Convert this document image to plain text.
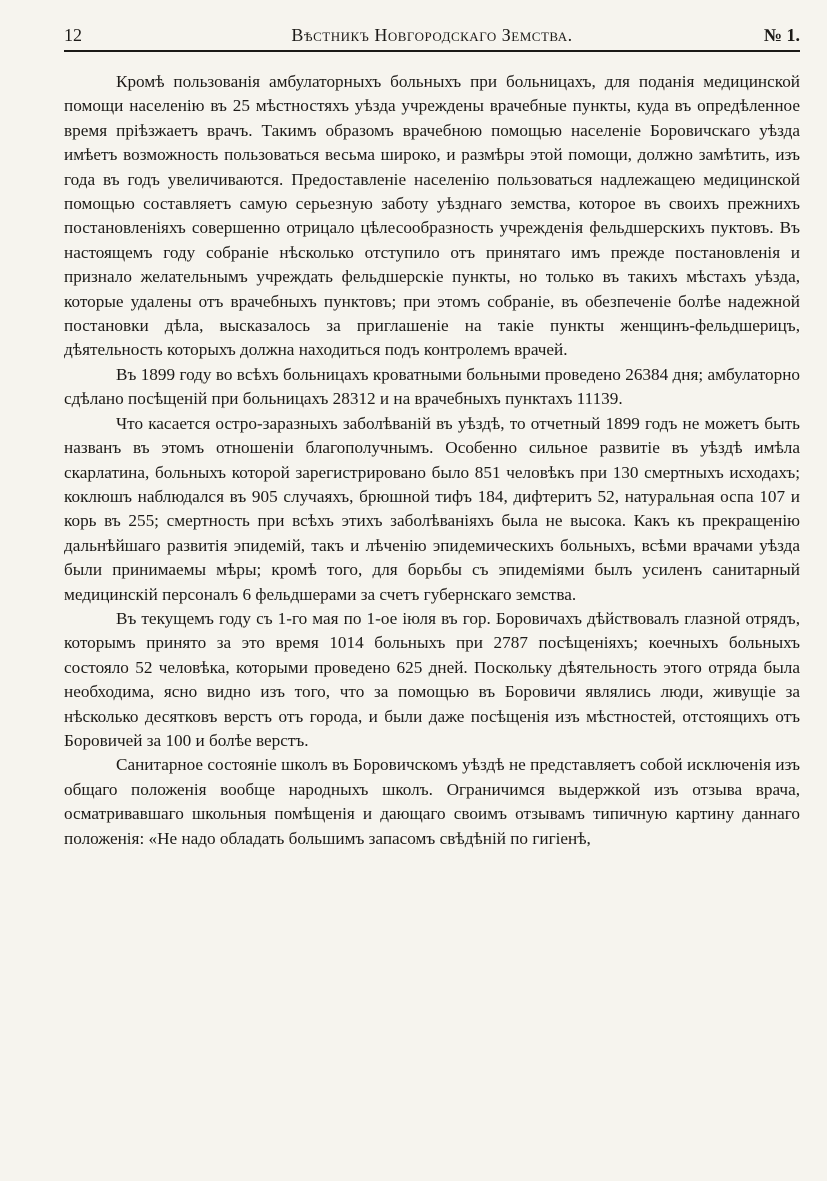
12	Вѣстникъ Новгородскаго Земства.	№ 1.

Кромѣ пользованія амбулаторныхъ больныхъ при больницахъ, для поданія медицинской помощи населенію въ 25 мѣстностяхъ уѣзда учреждены врачебные пункты, куда въ опредѣленное время пріѣзжаетъ врачъ. Такимъ образомъ врачебною помощью населеніе Боровичскаго уѣзда имѣетъ возможность пользоваться весьма широко, и размѣры этой помощи, должно замѣтить, изъ года въ годъ увеличиваются. Предоставленіе населенію пользоваться надлежащею медицинской помощью составляетъ самую серьезную заботу уѣзднаго земства, которое въ своихъ прежнихъ постановленіяхъ совершенно отрицало цѣлесообразность учрежденія фельдшерскихъ пуктовъ. Въ настоящемъ году собраніе нѣсколько отступило отъ принятаго имъ прежде постановленія и признало желательнымъ учреждать фельдшерскіе пункты, но только въ такихъ мѣстахъ уѣзда, которые удалены отъ врачебныхъ пунктовъ; при этомъ собраніе, въ обезпеченіе болѣе надежной постановки дѣла, высказалось за приглашеніе на такіе пункты женщинъ-фельдшерицъ, дѣятельность которыхъ должна находиться подъ контролемъ врачей.

Въ 1899 году во всѣхъ больницахъ кроватными больными проведено 26384 дня; амбулаторно сдѣлано посѣщеній при больницахъ 28312 и на врачебныхъ пунктахъ 11139.

Что касается остро-заразныхъ заболѣваній въ уѣздѣ, то отчетный 1899 годъ не можетъ быть названъ въ этомъ отношеніи благополучнымъ. Особенно сильное развитіе въ уѣздѣ имѣла скарлатина, больныхъ которой зарегистрировано было 851 человѣкъ при 130 смертныхъ исходахъ; коклюшъ наблюдался въ 905 случаяхъ, брюшной тифъ 184, дифтеритъ 52, натуральная оспа 107 и корь въ 255; смертность при всѣхъ этихъ заболѣваніяхъ была не высока. Какъ къ прекращенію дальнѣйшаго развитія эпидемій, такъ и лѣченію эпидемическихъ больныхъ, всѣми врачами уѣзда были принимаемы мѣры; кромѣ того, для борьбы съ эпидеміями былъ усиленъ санитарный медицинскій персоналъ 6 фельдшерами за счетъ губернскаго земства.

Въ текущемъ году съ 1-го мая по 1-ое іюля въ гор. Боровичахъ дѣйствовалъ глазной отрядъ, которымъ принято за это время 1014 больныхъ при 2787 посѣщеніяхъ; коечныхъ больныхъ состояло 52 человѣка, которыми проведено 625 дней. Поскольку дѣятельность этого отряда была необходима, ясно видно изъ того, что за помощью въ Боровичи являлись люди, живущіе за нѣсколько десятковъ верстъ отъ города, и были даже посѣщенія изъ мѣстностей, отстоящихъ отъ Боровичей за 100 и болѣе верстъ.

Санитарное состояніе школъ въ Боровичскомъ уѣздѣ не представляетъ собой исключенія изъ общаго положенія вообще народныхъ школъ. Ограничимся выдержкой изъ отзыва врача, осматривавшаго школьныя помѣщенія и дающаго своимъ отзывамъ типичную картину даннаго положенія: «Не надо обладать большимъ запасомъ свѣдѣній по гигіенѣ,
